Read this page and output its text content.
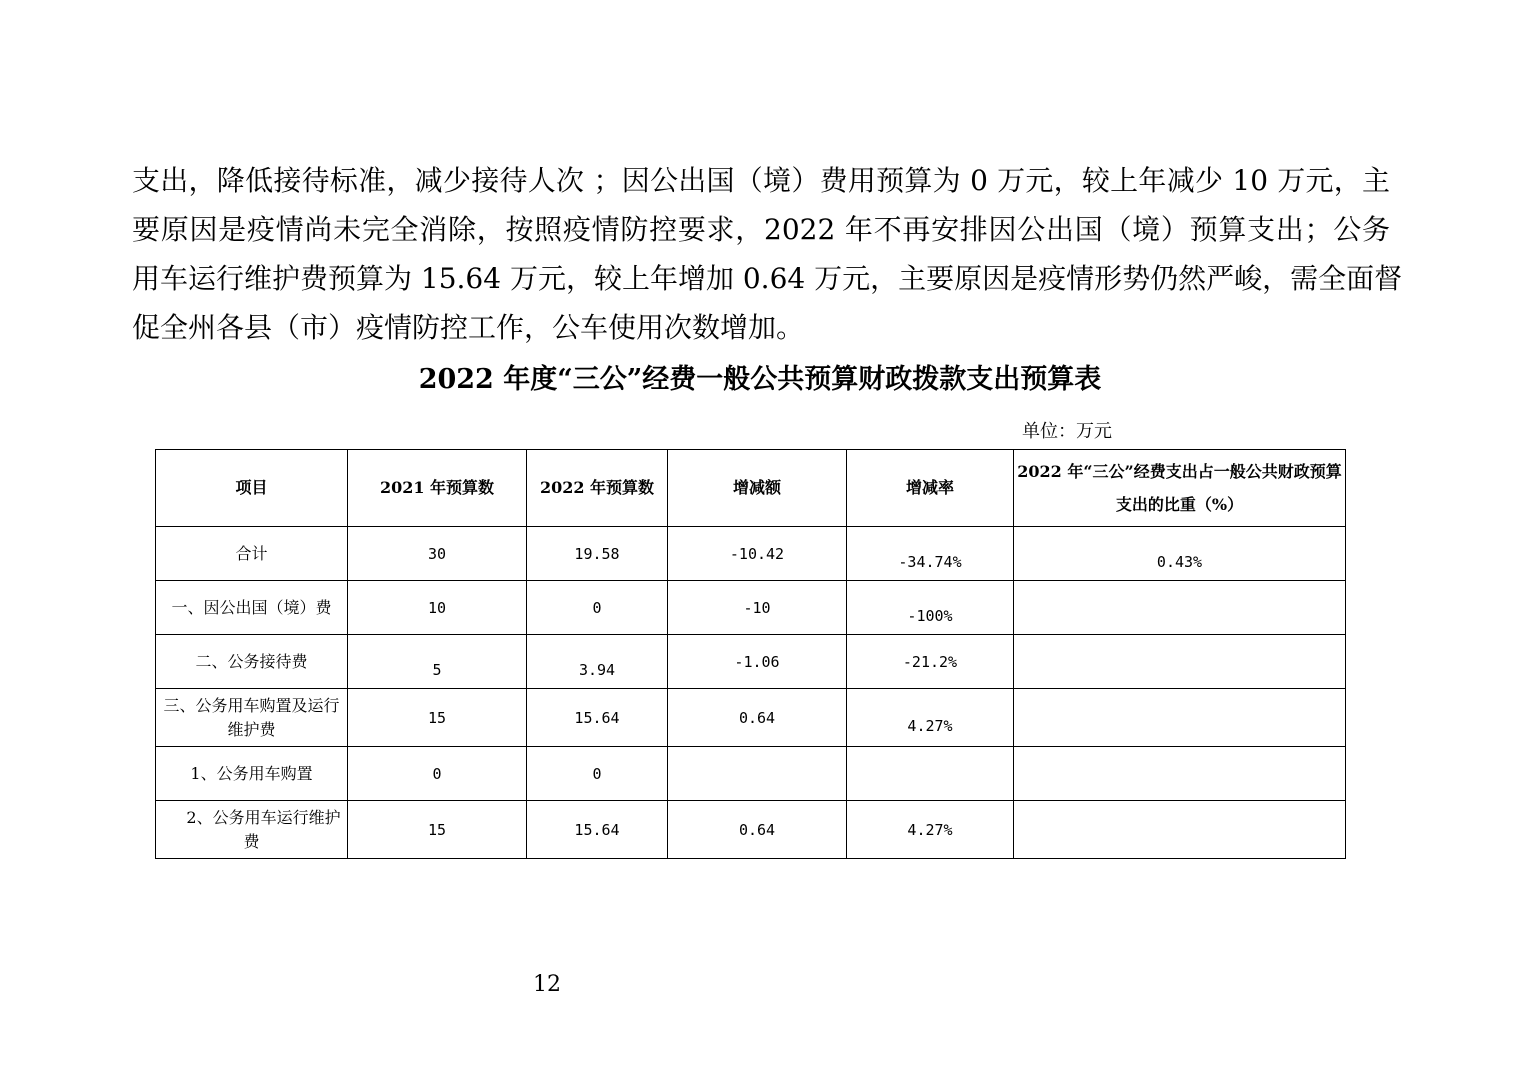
支出，降低接待标准，减少接待人次 ；因公出国（境）费用预算为 0 万元，较上年减少 10 万元，主
要原因是疫情尚未完全消除，按照疫情防控要求，2022 年不再安排因公出国（境）预算支出；公务
用车运行维护费预算为 15.64 万元，较上年增加 0.64 万元，主要原因是疫情形势仍然严峻，需全面督
促全州各县（市）疫情防控工作，公车使用次数增加。
2022 年度“三公”经费一般公共预算财政拨款支出预算表
单位：万元
项目	2021 年预算数	2022 年预算数	增减额	增减率	2022 年“三公”经费支出占一般公共财政预算支出的比重（%）
合计	30	19.58	-10.42	-34.74%	0.43%
一、因公出国（境）费	10	0	-10	-100%	
二、公务接待费	5	3.94	-1.06	-21.2%	
三、公务用车购置及运行维护费	15	15.64	0.64	4.27%	
1、公务用车购置	0	0			
2、公务用车运行维护费	15	15.64	0.64	4.27%	
12
